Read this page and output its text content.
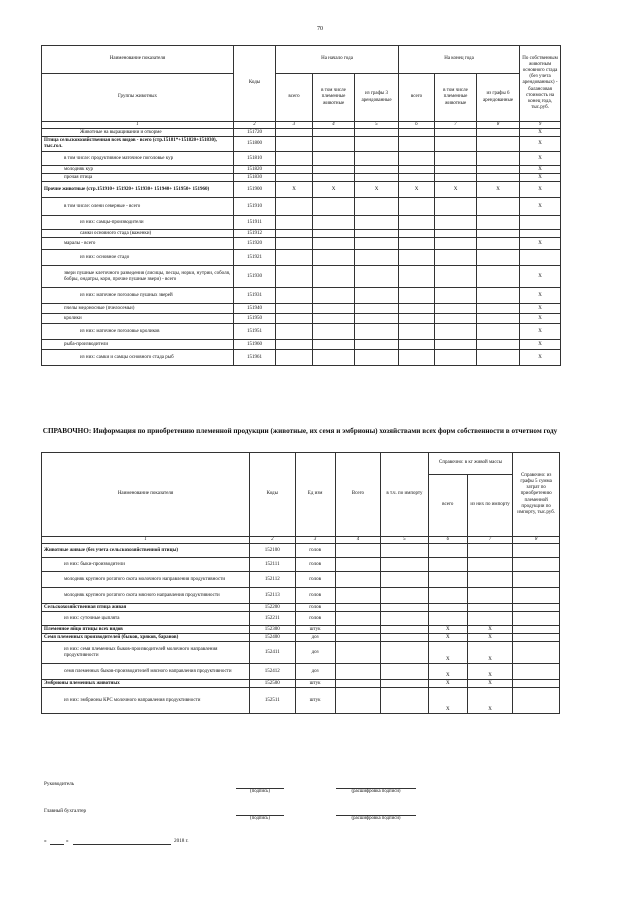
70
Наименование показателя	Коды	На начало года			На конец года			По собственным животным основного стада (без учета арендованных) - балансовая стоимость на конец года, тыс.руб.
Группы животных		всего	в том числе племенные животные	из графы 3 арендованные	всего	в том числе племенные животные	из графы 6 арендованные	
1	2	3	4	5	6	7	8	9
Животные на выращивании и откорме	151720							X
Птица сельскохозяйственная всех видов - всего (стр.15181*+151820+151830), тыс.гол.	151800							X
в том числе: продуктивное маточное поголовье кур	151810							X
молодняк кур	151820							X
прочая птица	151830							X
Прочие животные (стр.151910+ 151920+ 151930+ 151940+ 151950+ 151960)	151900	X	X	X	X	X	X	X
в том числе: олени северные - всего	151910							X
из них: самцы-производители	151911							
самки основного стада (важенки)	151912							
маралы - всего	151920							X
из них: основное стадо	151921							
звери пушные клеточного разведения (лисицы, песцы, норки, нутрии, соболя, бобры, ондатры, кори, прочие пушные звери) - всего	151930							X
из них: маточное поголовье пушных зверей	151931							X
пчелы медоносные (пчелосемьи)	151940							X
кролики	151950							X
из них: маточное поголовье кроликов	151951							X
рыба-производители	151960							X
из них: самки и самцы основного стада рыб	151961							X
СПРАВОЧНО: Информация по приобретению племенной продукции (животные, их семя и эмбрионы) хозяйствами всех форм собственности в отчетном году
Наименование показателя	Коды	Ед изм	Всего	в т.ч. по импорту	Справочно: в кг живой массы		Справочно: из графы 5 сумма затрат по приобретению племенной продукции по импорту, тыс.руб.
					всего	из них по импорту	
1	2	3	4	5	6	7	8
Животные живые (без учета сельскохозяйственной птицы)	152100	голов					
из них: быки-производители	152111	голов					
молодняк крупного рогатого скота молочного направления продуктивности	152112	голов					
молодняк крупного рогатого скота мясного направления продуктивности	152113	голов					
Сельскохозяйственная птица живая	152200	голов					
из них: суточные цыплята	152211	голов					
Племенное яйцо птицы всех видов	152300	штук			X	X	
Семя племенных производителей (быков, хряков, баранов)	152400	доз			X	X	
из них: семя племенных быков-производителей молочного направления продуктивности	152411	доз			X	X	
семя племенных быков-производителей мясного направления продуктивности	152412	доз			X	X	
Эмбрионы племенных животных	152500	штук			X	X	
из них: эмбрионы КРС молочного направления продуктивности	152511	штук			X	X	
Руководитель
(подпись)	(расшифровка подписи)
Главный бухгалтер
(подпись)	(расшифровка подписи)
«	»	2018 г.
